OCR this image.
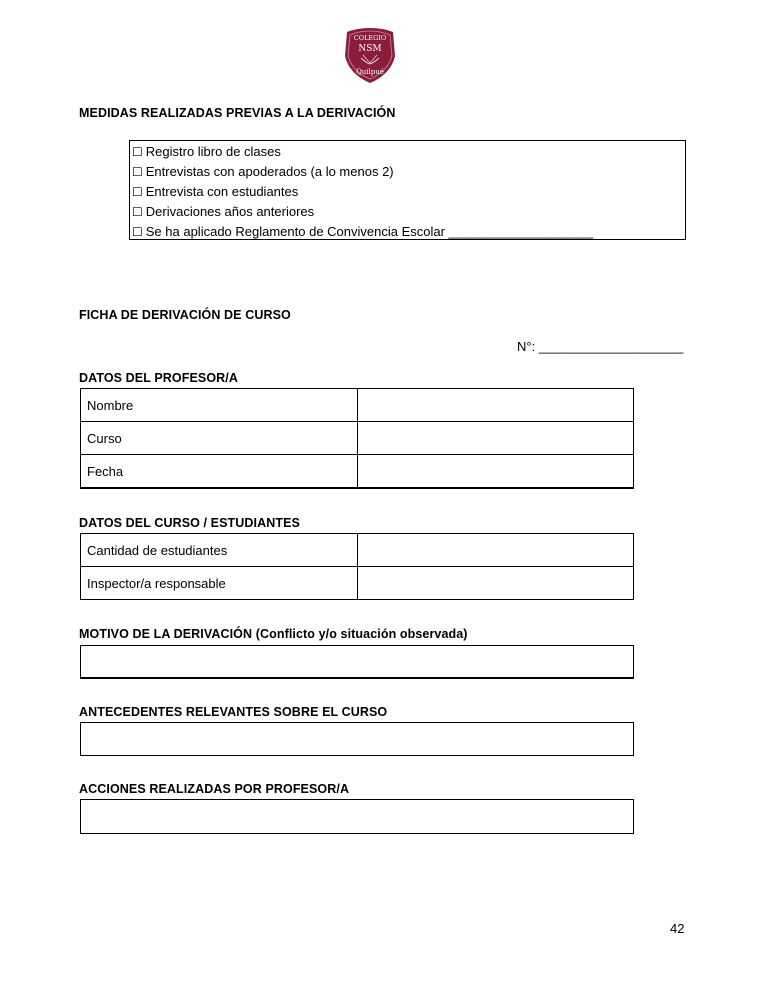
COLEGIO
NSM
Quilpué
MEDIDAS REALIZADAS PREVIAS A LA DERIVACIÓN
☐ Registro libro de clases
☐ Entrevistas con apoderados (a lo menos 2)
☐ Entrevista con estudiantes
☐ Derivaciones años anteriores
☐ Se ha aplicado Reglamento de Convivencia Escolar ____________________
FICHA DE DERIVACIÓN DE CURSO
N°: ____________________
DATOS DEL PROFESOR/A
Nombre	
Curso	
Fecha	
DATOS DEL CURSO / ESTUDIANTES
Cantidad de estudiantes	
Inspector/a responsable	
MOTIVO DE LA DERIVACIÓN (Conflicto y/o situación observada)
ANTECEDENTES RELEVANTES SOBRE EL CURSO
ACCIONES REALIZADAS POR PROFESOR/A
42
